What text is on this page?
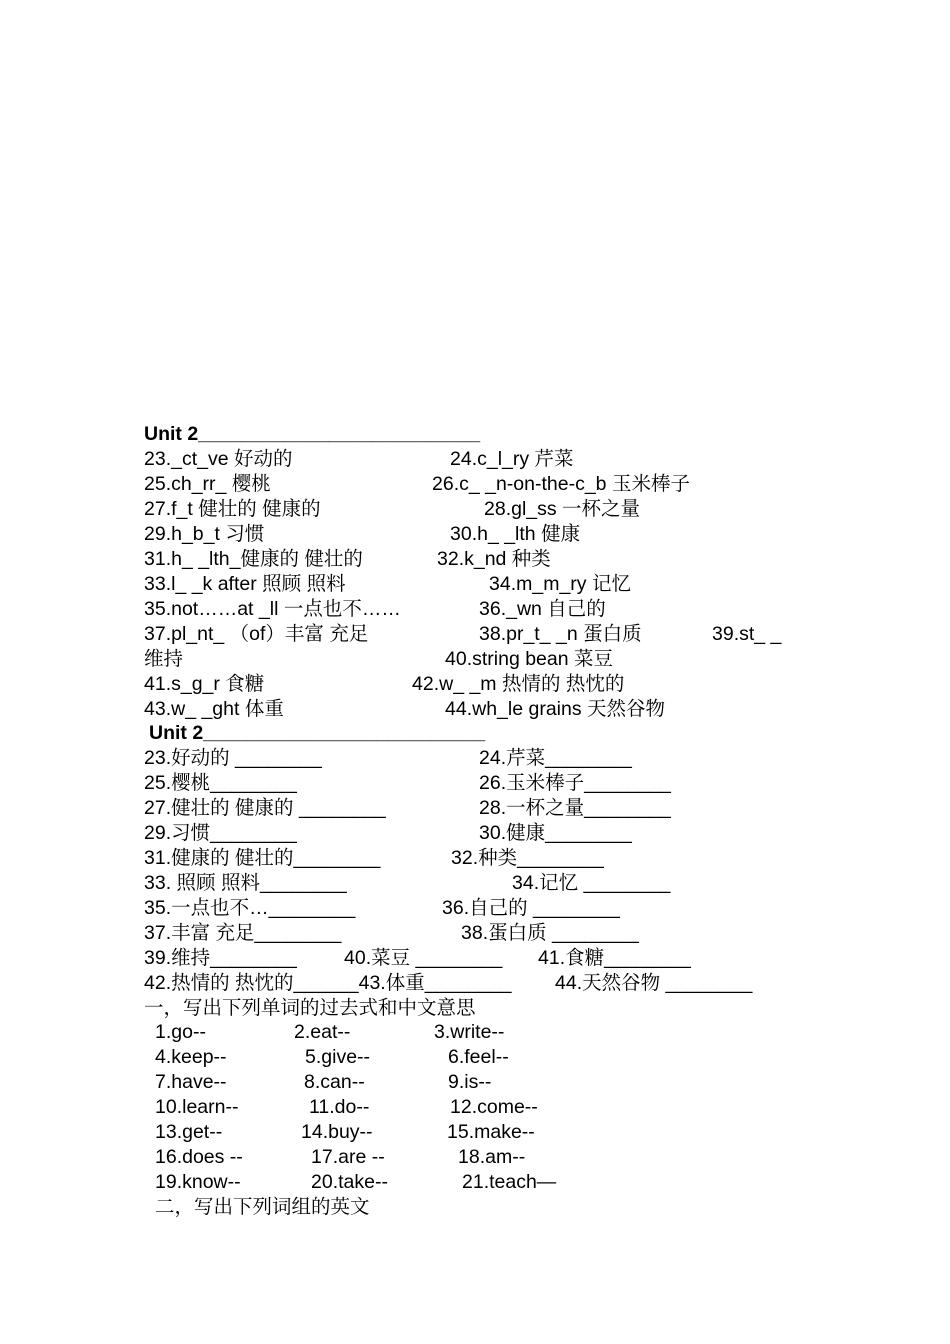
Unit 2__________________________
23._ct_ve 好动的	24.c_l_ry 芹菜
25.ch_rr_ 樱桃	26.c_ _n-on-the-c_b 玉米棒子
27.f_t 健壮的 健康的	28.gl_ss 一杯之量
29.h_b_t 习惯	30.h_ _lth 健康
31.h_ _lth_健康的 健壮的	32.k_nd 种类
33.l_ _k after 照顾 照料	34.m_m_ry 记忆
35.not……at _ll 一点也不……	36._wn 自己的
37.pl_nt_ （of）丰富 充足	38.pr_t_ _n 蛋白质	39.st_ _
维持	40.string bean 菜豆
41.s_g_r 食糖	42.w_ _m 热情的 热忱的
43.w_ _ght 体重	44.wh_le grains 天然谷物
Unit 2__________________________
23.好动的 ________	24.芹菜________
25.樱桃________	26.玉米棒子________
27.健壮的 健康的 ________	28.一杯之量________
29.习惯________	30.健康________
31.健康的 健壮的________	32.种类________
33. 照顾 照料________	34.记忆 ________
35.一点也不…________	36.自己的 ________
37.丰富 充足________	38.蛋白质 ________
39.维持________ 40.菜豆 ________ 41.食糖________
42.热情的 热忱的______43.体重________ 44.天然谷物 ________
一，写出下列单词的过去式和中文意思
1.go--	2.eat--	3.write--
4.keep--	5.give--	6.feel--
7.have--	8.can--	9.is--
10.learn--	11.do--	12.come--
13.get--	14.buy--	15.make--
16.does --	17.are --	18.am--
19.know--	20.take--	21.teach—
二，写出下列词组的英文
